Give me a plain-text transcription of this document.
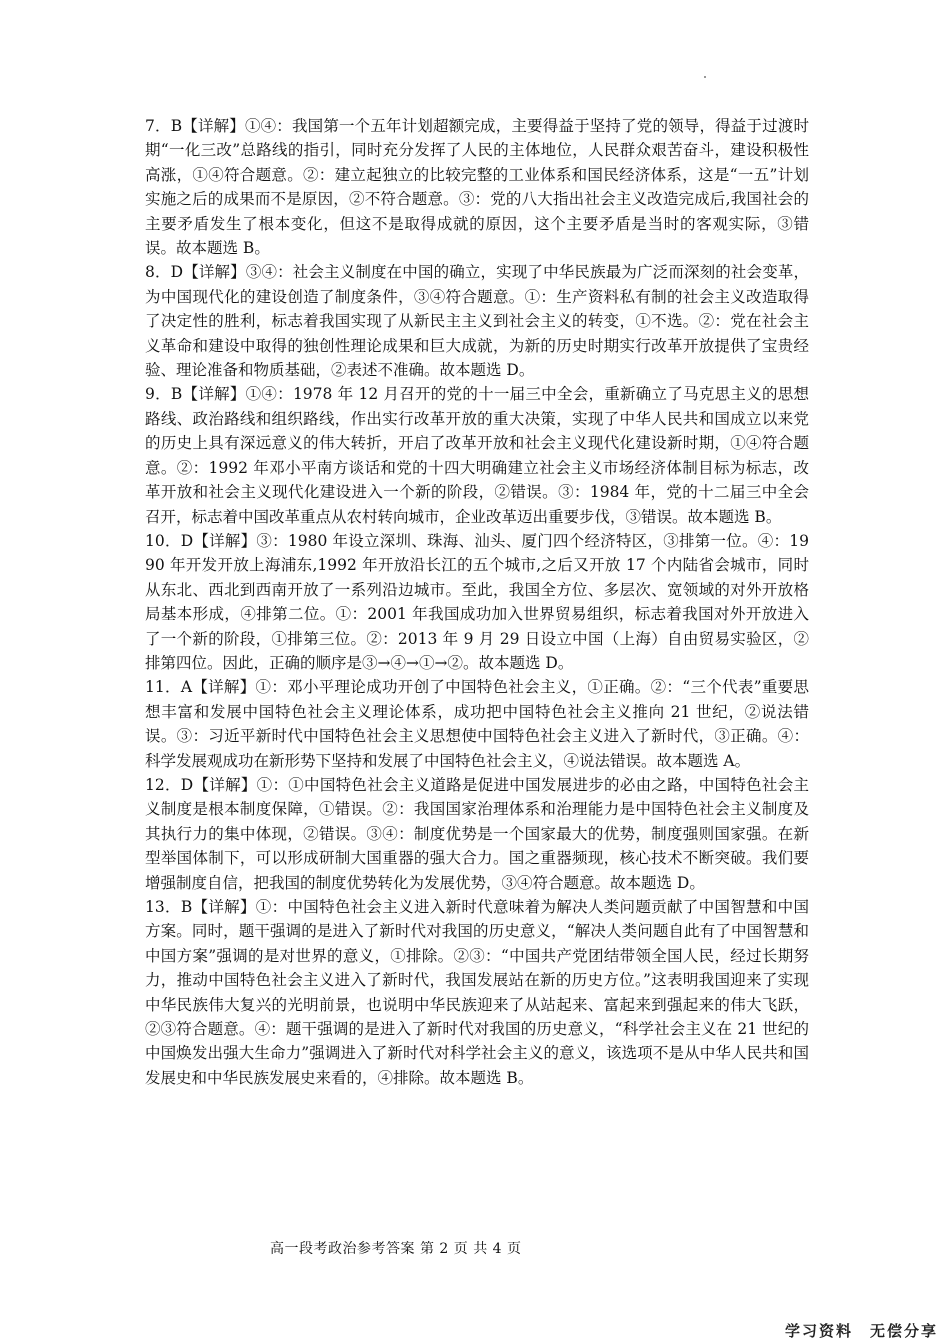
7．B【详解】①④：我国第一个五年计划超额完成，主要得益于坚持了党的领导，得益于过渡时期“一化三改”总路线的指引，同时充分发挥了人民的主体地位，人民群众艰苦奋斗，建设积极性高涨，①④符合题意。②：建立起独立的比较完整的工业体系和国民经济体系，这是“一五”计划实施之后的成果而不是原因，②不符合题意。③：党的八大指出社会主义改造完成后,我国社会的主要矛盾发生了根本变化，但这不是取得成就的原因，这个主要矛盾是当时的客观实际，③错误。故本题选 B。

8．D【详解】③④：社会主义制度在中国的确立，实现了中华民族最为广泛而深刻的社会变革，为中国现代化的建设创造了制度条件，③④符合题意。①：生产资料私有制的社会主义改造取得了决定性的胜利，标志着我国实现了从新民主主义到社会主义的转变，①不选。②：党在社会主义革命和建设中取得的独创性理论成果和巨大成就，为新的历史时期实行改革开放提供了宝贵经验、理论准备和物质基础，②表述不准确。故本题选 D。

9．B【详解】①④：1978 年 12 月召开的党的十一届三中全会，重新确立了马克思主义的思想路线、政治路线和组织路线，作出实行改革开放的重大决策，实现了中华人民共和国成立以来党的历史上具有深远意义的伟大转折，开启了改革开放和社会主义现代化建设新时期，①④符合题意。②：1992 年邓小平南方谈话和党的十四大明确建立社会主义市场经济体制目标为标志，改革开放和社会主义现代化建设进入一个新的阶段，②错误。③：1984 年，党的十二届三中全会召开，标志着中国改革重点从农村转向城市，企业改革迈出重要步伐，③错误。故本题选 B。

10．D【详解】③：1980 年设立深圳、珠海、汕头、厦门四个经济特区，③排第一位。④：1990 年开发开放上海浦东,1992 年开放沿长江的五个城市,之后又开放 17 个内陆省会城市，同时从东北、西北到西南开放了一系列沿边城市。至此，我国全方位、多层次、宽领域的对外开放格局基本形成，④排第二位。①：2001 年我国成功加入世界贸易组织，标志着我国对外开放进入了一个新的阶段，①排第三位。②：2013 年 9 月 29 日设立中国（上海）自由贸易实验区，②排第四位。因此，正确的顺序是③→④→①→②。故本题选 D。

11．A【详解】①：邓小平理论成功开创了中国特色社会主义，①正确。②：“三个代表”重要思想丰富和发展中国特色社会主义理论体系，成功把中国特色社会主义推向 21 世纪，②说法错误。③：习近平新时代中国特色社会主义思想使中国特色社会主义进入了新时代，③正确。④：科学发展观成功在新形势下坚持和发展了中国特色社会主义，④说法错误。故本题选 A。

12．D【详解】①：①中国特色社会主义道路是促进中国发展进步的必由之路，中国特色社会主义制度是根本制度保障，①错误。②：我国国家治理体系和治理能力是中国特色社会主义制度及其执行力的集中体现，②错误。③④：制度优势是一个国家最大的优势，制度强则国家强。在新型举国体制下，可以形成研制大国重器的强大合力。国之重器频现，核心技术不断突破。我们要增强制度自信，把我国的制度优势转化为发展优势，③④符合题意。故本题选 D。

13．B【详解】①：中国特色社会主义进入新时代意味着为解决人类问题贡献了中国智慧和中国方案。同时，题干强调的是进入了新时代对我国的历史意义，“解决人类问题自此有了中国智慧和中国方案”强调的是对世界的意义，①排除。②③：“中国共产党团结带领全国人民，经过长期努力，推动中国特色社会主义进入了新时代，我国发展站在新的历史方位。”这表明我国迎来了实现中华民族伟大复兴的光明前景，也说明中华民族迎来了从站起来、富起来到强起来的伟大飞跃，②③符合题意。④：题干强调的是进入了新时代对我国的历史意义，“科学社会主义在 21 世纪的中国焕发出强大生命力”强调进入了新时代对科学社会主义的意义，该选项不是从中华人民共和国发展史和中华民族发展史来看的，④排除。故本题选 B。

高一段考政治参考答案 第 2 页 共 4 页
学习资料　无偿分享
